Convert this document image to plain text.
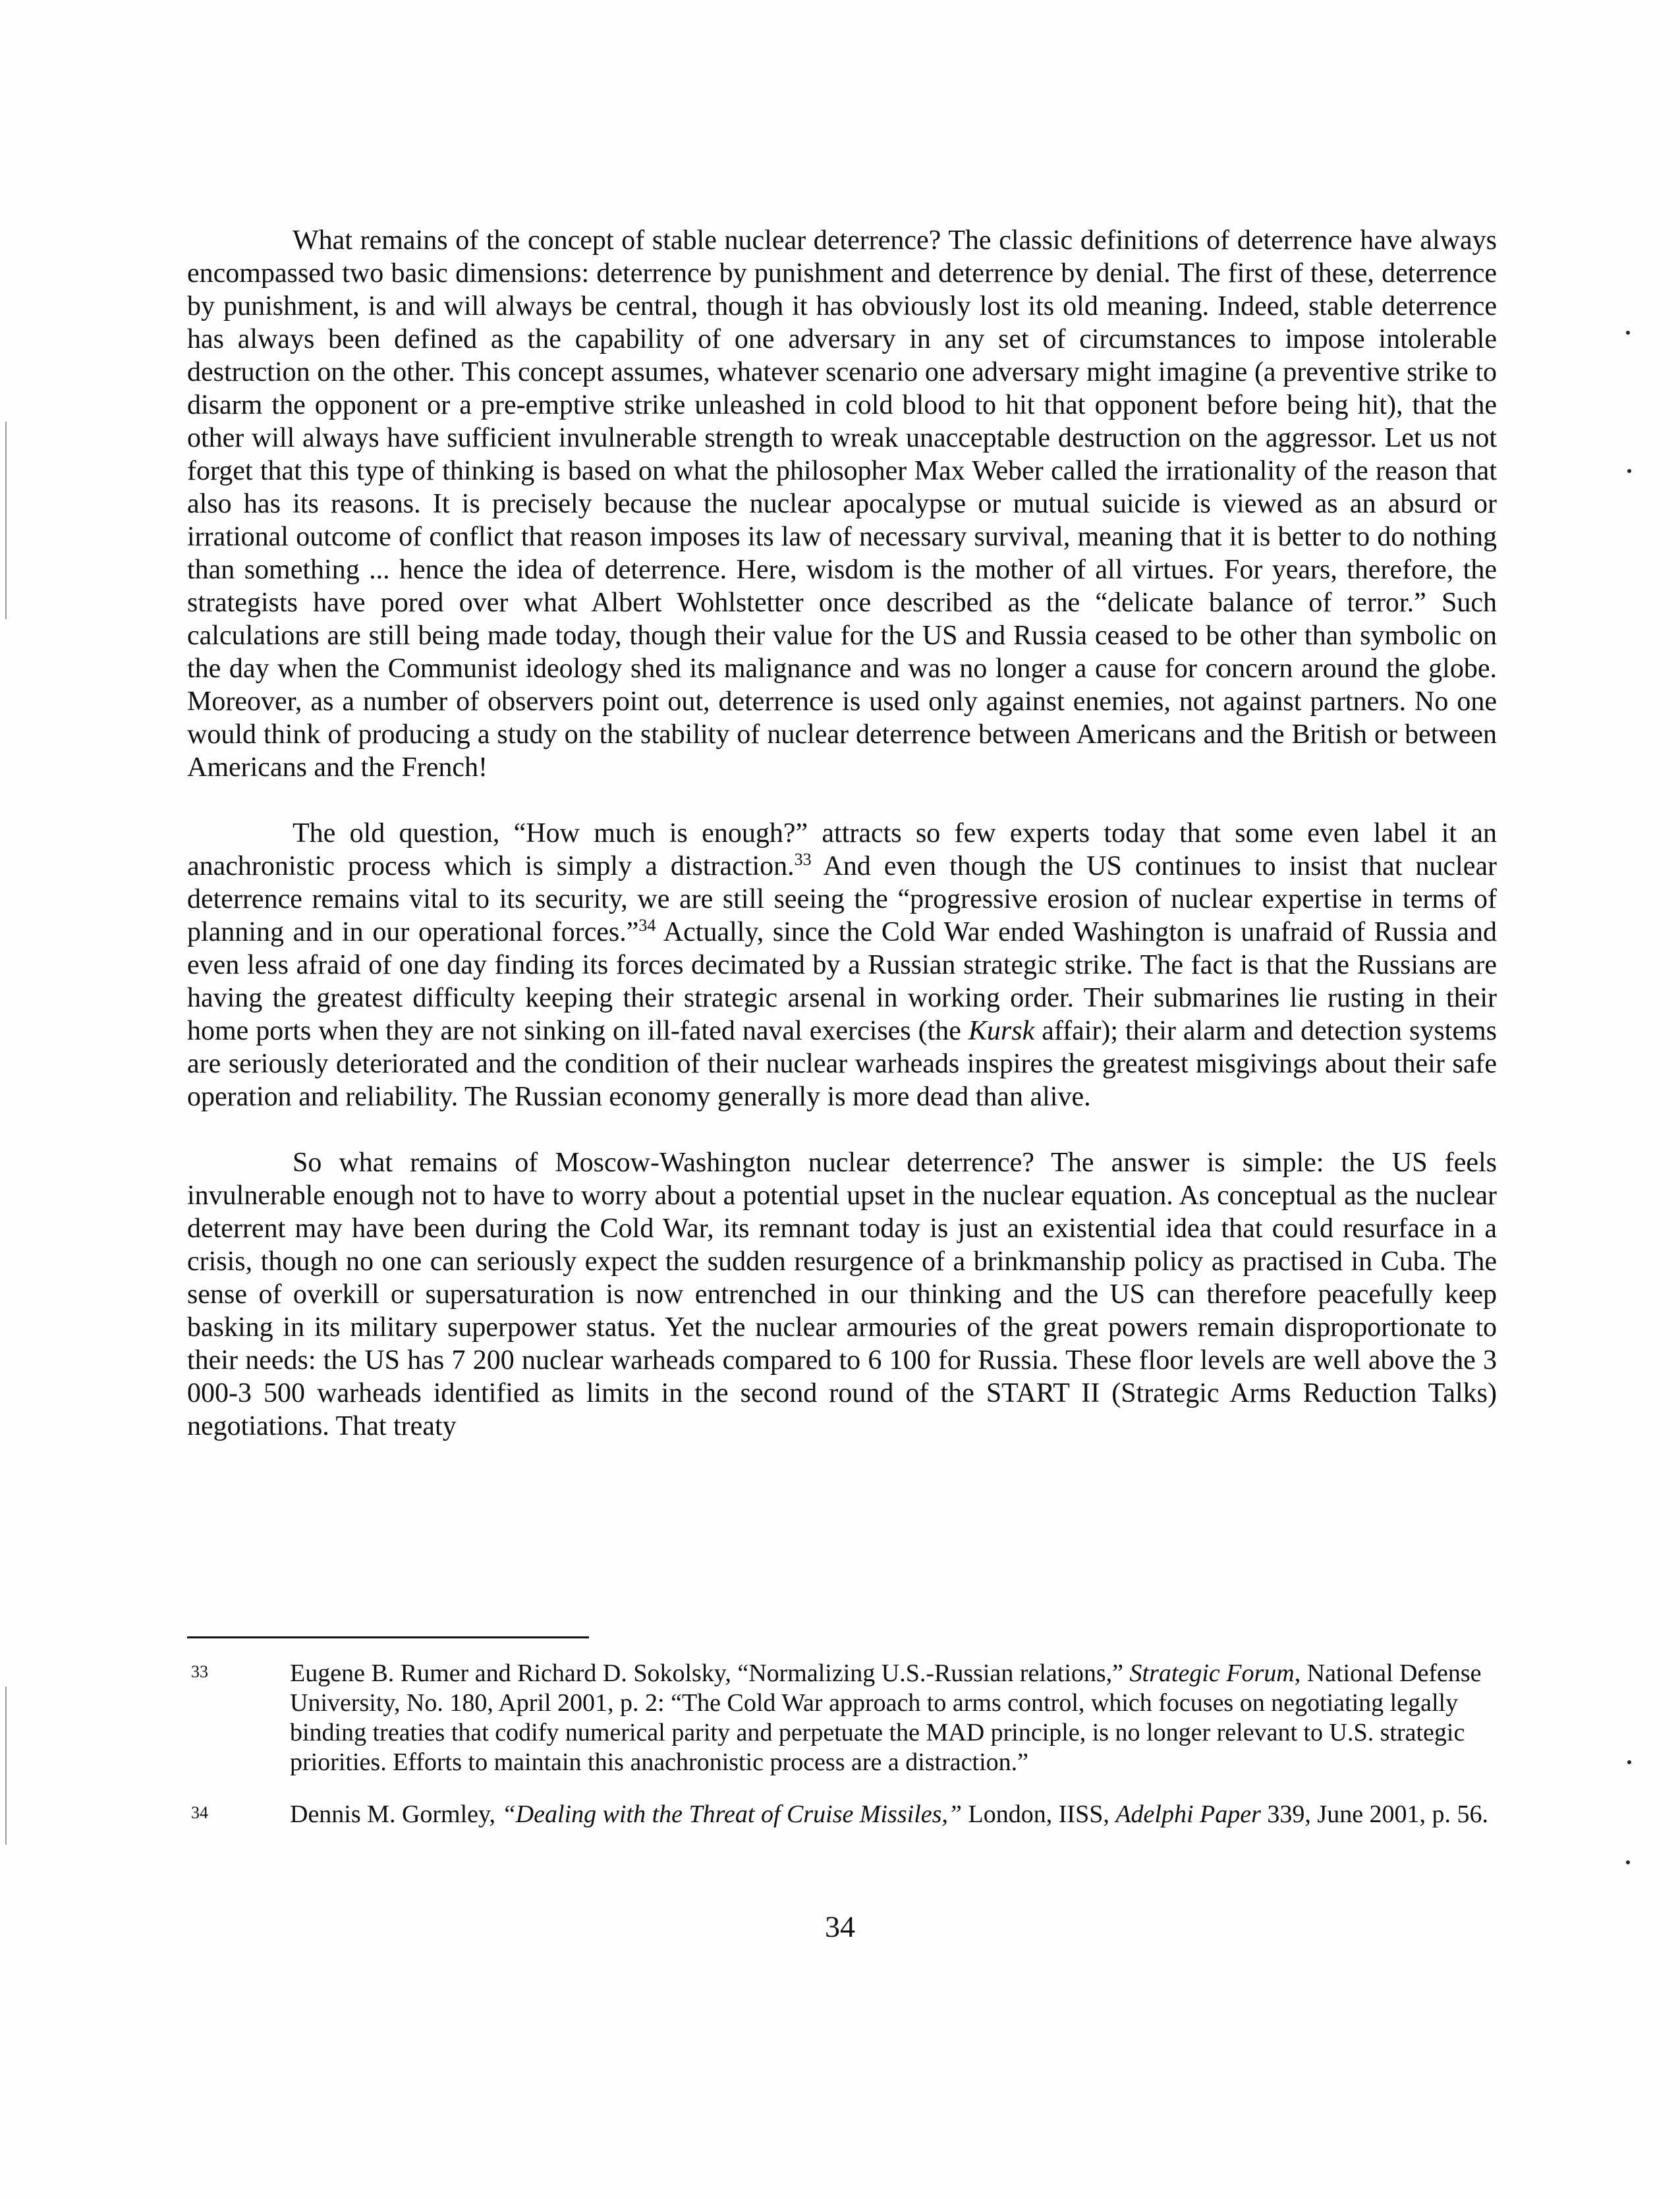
What remains of the concept of stable nuclear deterrence? The classic definitions of deterrence have always encompassed two basic dimensions: deterrence by punishment and deterrence by denial. The first of these, deterrence by punishment, is and will always be central, though it has obviously lost its old meaning. Indeed, stable deterrence has always been defined as the capability of one adversary in any set of circumstances to impose intolerable destruction on the other. This concept assumes, whatever scenario one adversary might imagine (a preventive strike to disarm the opponent or a pre-emptive strike unleashed in cold blood to hit that opponent before being hit), that the other will always have sufficient invulnerable strength to wreak unacceptable destruction on the aggressor. Let us not forget that this type of thinking is based on what the philosopher Max Weber called the irrationality of the reason that also has its reasons. It is precisely because the nuclear apocalypse or mutual suicide is viewed as an absurd or irrational outcome of conflict that reason imposes its law of necessary survival, meaning that it is better to do nothing than something ... hence the idea of deterrence. Here, wisdom is the mother of all virtues. For years, therefore, the strategists have pored over what Albert Wohlstetter once described as the “delicate balance of terror.” Such calculations are still being made today, though their value for the US and Russia ceased to be other than symbolic on the day when the Communist ideology shed its malignance and was no longer a cause for concern around the globe. Moreover, as a number of observers point out, deterrence is used only against enemies, not against partners. No one would think of producing a study on the stability of nuclear deterrence between Americans and the British or between Americans and the French!

The old question, “How much is enough?” attracts so few experts today that some even label it an anachronistic process which is simply a distraction.$^{33}$ And even though the US continues to insist that nuclear deterrence remains vital to its security, we are still seeing the “progressive erosion of nuclear expertise in terms of planning and in our operational forces.”$^{34}$ Actually, since the Cold War ended Washington is unafraid of Russia and even less afraid of one day finding its forces decimated by a Russian strategic strike. The fact is that the Russians are having the greatest difficulty keeping their strategic arsenal in working order. Their submarines lie rusting in their home ports when they are not sinking on ill-fated naval exercises (the Kursk affair); their alarm and detection systems are seriously deteriorated and the condition of their nuclear warheads inspires the greatest misgivings about their safe operation and reliability. The Russian economy generally is more dead than alive.

So what remains of Moscow-Washington nuclear deterrence? The answer is simple: the US feels invulnerable enough not to have to worry about a potential upset in the nuclear equation. As conceptual as the nuclear deterrent may have been during the Cold War, its remnant today is just an existential idea that could resurface in a crisis, though no one can seriously expect the sudden resurgence of a brinkmanship policy as practised in Cuba. The sense of overkill or supersaturation is now entrenched in our thinking and the US can therefore peacefully keep basking in its military superpower status. Yet the nuclear armouries of the great powers remain disproportionate to their needs: the US has 7 200 nuclear warheads compared to 6 100 for Russia. These floor levels are well above the 3 000-3 500 warheads identified as limits in the second round of the START II (Strategic Arms Reduction Talks) negotiations. That treaty

33	Eugene B. Rumer and Richard D. Sokolsky, “Normalizing U.S.-Russian relations,” Strategic Forum, National Defense University, No. 180, April 2001, p. 2: “The Cold War approach to arms control, which focuses on negotiating legally binding treaties that codify numerical parity and perpetuate the MAD principle, is no longer relevant to U.S. strategic priorities. Efforts to maintain this anachronistic process are a distraction.”
34	Dennis M. Gormley, “Dealing with the Threat of Cruise Missiles,” London, IISS, Adelphi Paper 339, June 2001, p. 56.
34
